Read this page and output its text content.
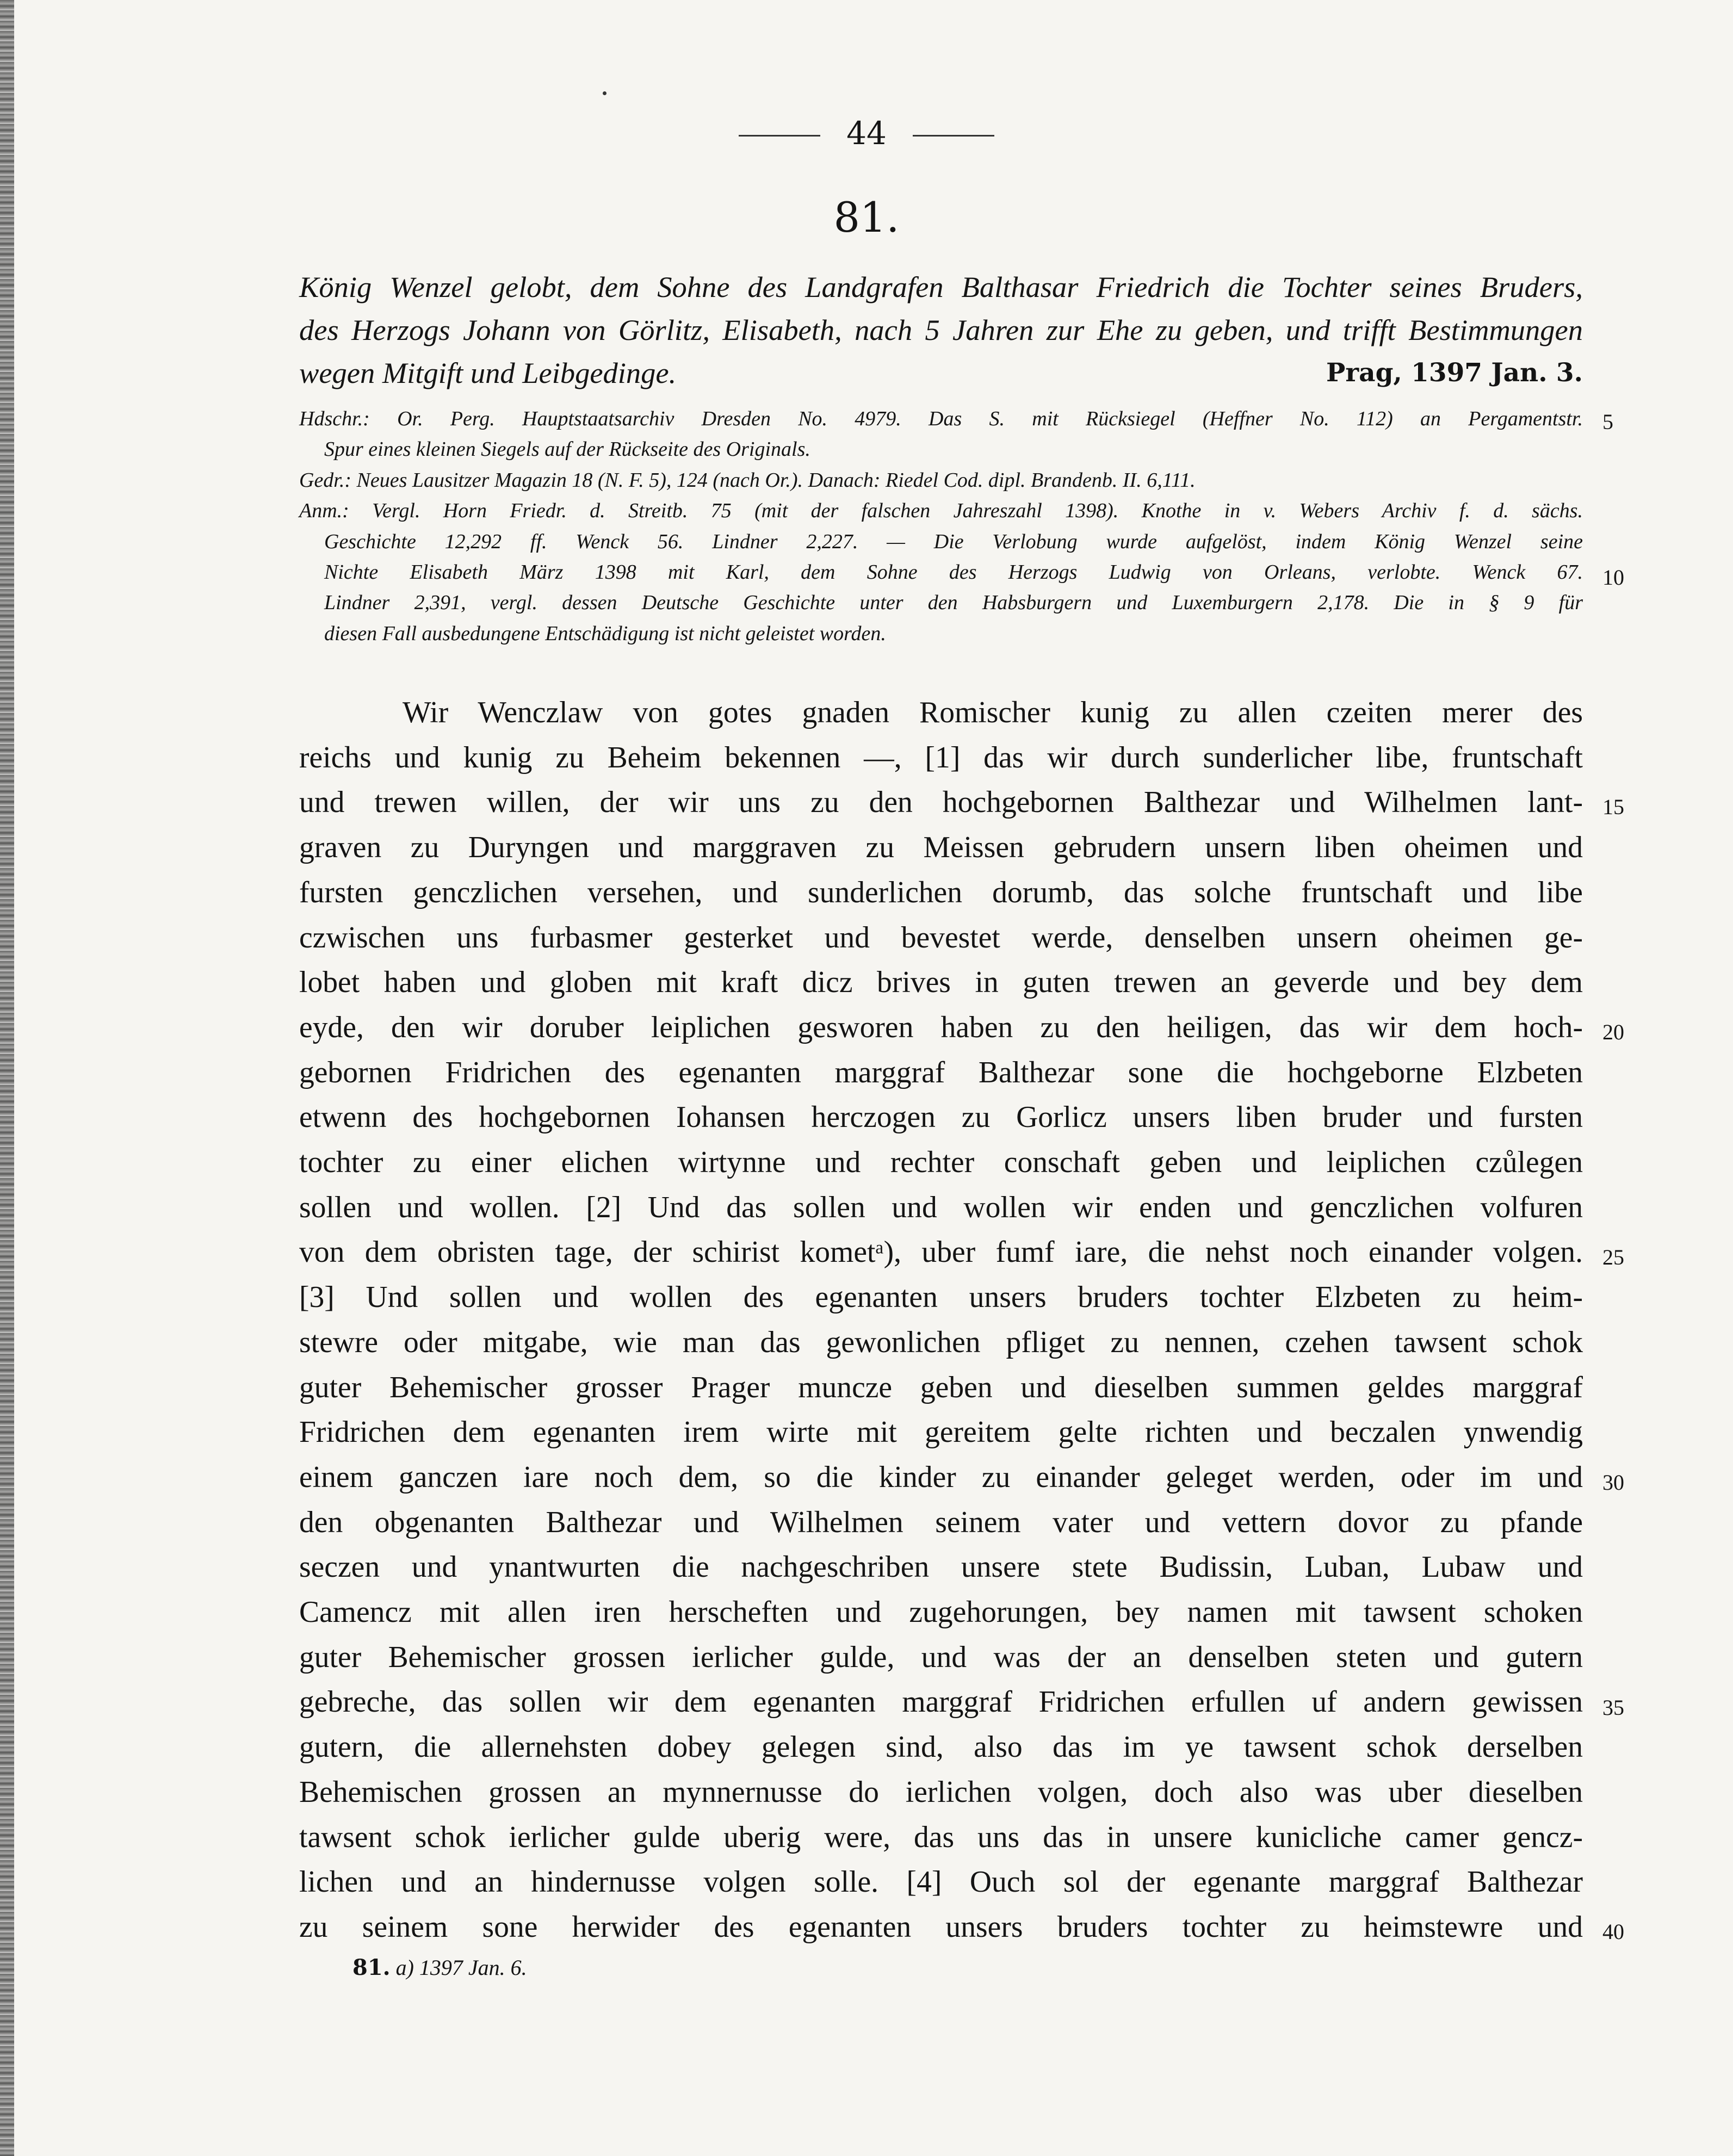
44
81.
König Wenzel gelobt, dem Sohne des Landgrafen Balthasar Friedrich die Tochter seines Bruders,
des Herzogs Johann von Görlitz, Elisabeth, nach 5 Jahren zur Ehe zu geben, und trifft Bestimmungen
wegen Mitgift und Leibgedinge.	Prag, 1397 Jan. 3.
Hdschr.: Or. Perg. Hauptstaatsarchiv Dresden No. 4979. Das S. mit Rücksiegel (Heffner No. 112) an Pergamentstr.
Spur eines kleinen Siegels auf der Rückseite des Originals.
Gedr.: Neues Lausitzer Magazin 18 (N. F. 5), 124 (nach Or.). Danach: Riedel Cod. dipl. Brandenb. II. 6,111.
Anm.: Vergl. Horn Friedr. d. Streitb. 75 (mit der falschen Jahreszahl 1398). Knothe in v. Webers Archiv f. d. sächs.
Geschichte 12,292 ff. Wenck 56. Lindner 2,227. — Die Verlobung wurde aufgelöst, indem König Wenzel seine
Nichte Elisabeth März 1398 mit Karl, dem Sohne des Herzogs Ludwig von Orleans, verlobte. Wenck 67.
Lindner 2,391, vergl. dessen Deutsche Geschichte unter den Habsburgern und Luxemburgern 2,178. Die in § 9 für
diesen Fall ausbedungene Entschädigung ist nicht geleistet worden.
Wir Wenczlaw von gotes gnaden Romischer kunig zu allen czeiten merer des
reichs und kunig zu Beheim bekennen —, [1] das wir durch sunderlicher libe, fruntschaft
und trewen willen, der wir uns zu den hochgebornen Balthezar und Wilhelmen lant-
graven zu Duryngen und marggraven zu Meissen gebrudern unsern liben oheimen und
fursten genczlichen versehen, und sunderlichen dorumb, das solche fruntschaft und libe
czwischen uns furbasmer gesterket und bevestet werde, denselben unsern oheimen ge-
lobet haben und globen mit kraft dicz brives in guten trewen an geverde und bey dem
eyde, den wir doruber leiplichen gesworen haben zu den heiligen, das wir dem hoch-
gebornen Fridrichen des egenanten marggraf Balthezar sone die hochgeborne Elzbeten
etwenn des hochgebornen Iohansen herczogen zu Gorlicz unsers liben bruder und fursten
tochter zu einer elichen wirtynne und rechter conschaft geben und leiplichen czůlegen
sollen und wollen. [2] Und das sollen und wollen wir enden und genczlichen volfuren
von dem obristen tage, der schirist kometᵃ), uber fumf iare, die nehst noch einander volgen.
[3] Und sollen und wollen des egenanten unsers bruders tochter Elzbeten zu heim-
stewre oder mitgabe, wie man das gewonlichen pfliget zu nennen, czehen tawsent schok
guter Behemischer grosser Prager muncze geben und dieselben summen geldes marggraf
Fridrichen dem egenanten irem wirte mit gereitem gelte richten und beczalen ynwendig
einem ganczen iare noch dem, so die kinder zu einander geleget werden, oder im und
den obgenanten Balthezar und Wilhelmen seinem vater und vettern dovor zu pfande
seczen und ynantwurten die nachgeschriben unsere stete Budissin, Luban, Lubaw und
Camencz mit allen iren herscheften und zugehorungen, bey namen mit tawsent schoken
guter Behemischer grossen ierlicher gulde, und was der an denselben steten und gutern
gebreche, das sollen wir dem egenanten marggraf Fridrichen erfullen uf andern gewissen
gutern, die allernehsten dobey gelegen sind, also das im ye tawsent schok derselben
Behemischen grossen an mynnernusse do ierlichen volgen, doch also was uber dieselben
tawsent schok ierlicher gulde uberig were, das uns das in unsere kunicliche camer gencz-
lichen und an hindernusse volgen solle. [4] Ouch sol der egenante marggraf Balthezar
zu seinem sone herwider des egenanten unsers bruders tochter zu heimstewre und
5
10
15
20
25
30
35
40
81. a) 1397 Jan. 6.
